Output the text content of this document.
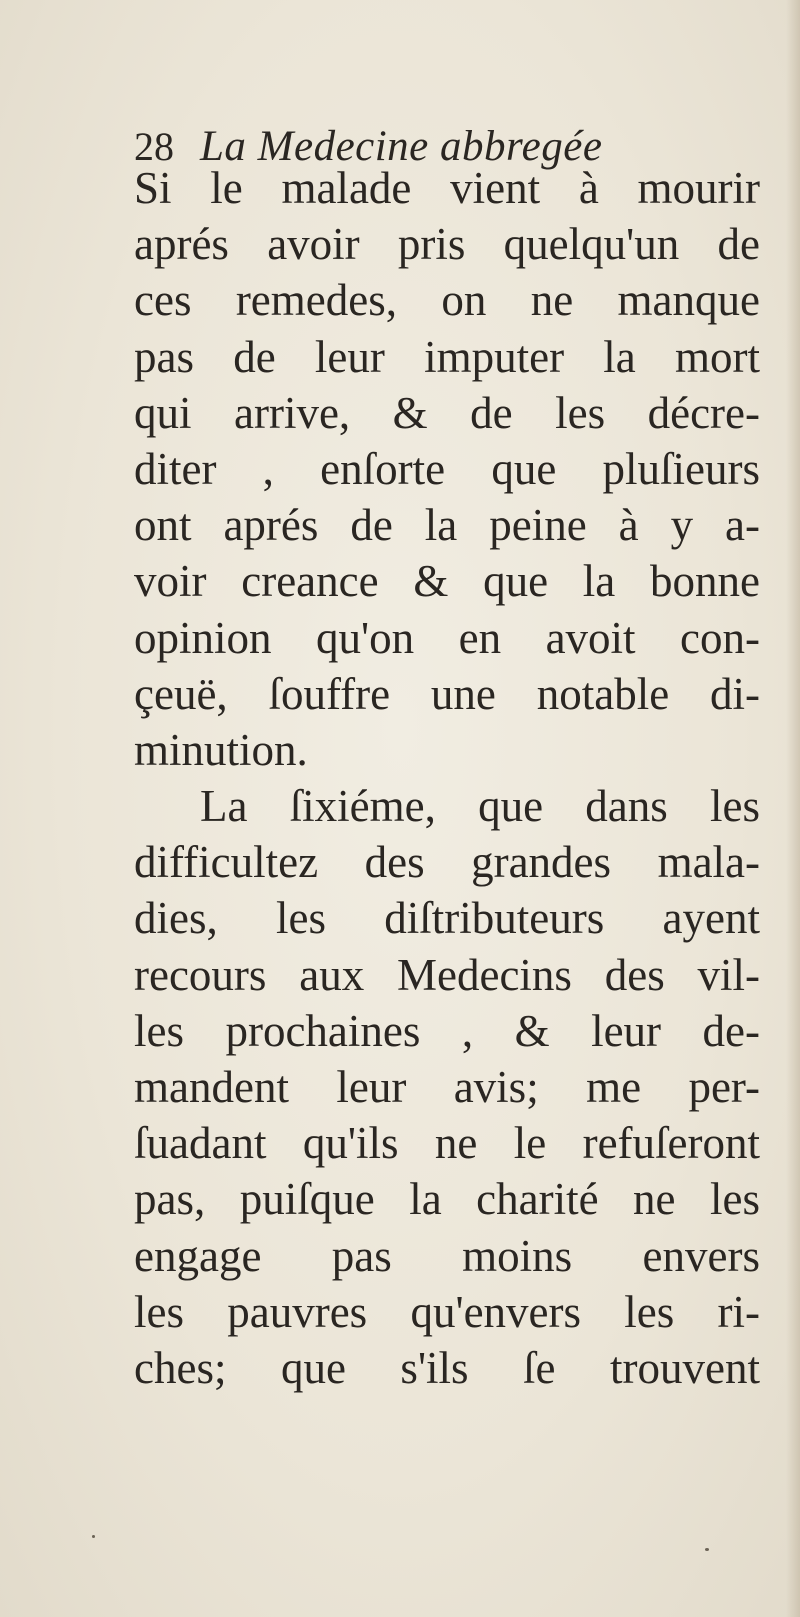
28 La Medecine abbregée
Si le malade vient à mourir
aprés avoir pris quelqu'un de
ces remedes, on ne manque
pas de leur imputer la mort
qui arrive, & de les décre-
diter , enſorte que pluſieurs
ont aprés de la peine à y a-
voir creance & que la bonne
opinion qu'on en avoit con-
çeuë, ſouffre une notable di-
minution.
La ſixiéme, que dans les
difficultez des grandes mala-
dies, les diſtributeurs ayent
recours aux Medecins des vil-
les prochaines , & leur de-
mandent leur avis; me per-
ſuadant qu'ils ne le refuſeront
pas, puiſque la charité ne les
engage pas moins envers
les pauvres qu'envers les ri-
ches; que s'ils ſe trouvent
